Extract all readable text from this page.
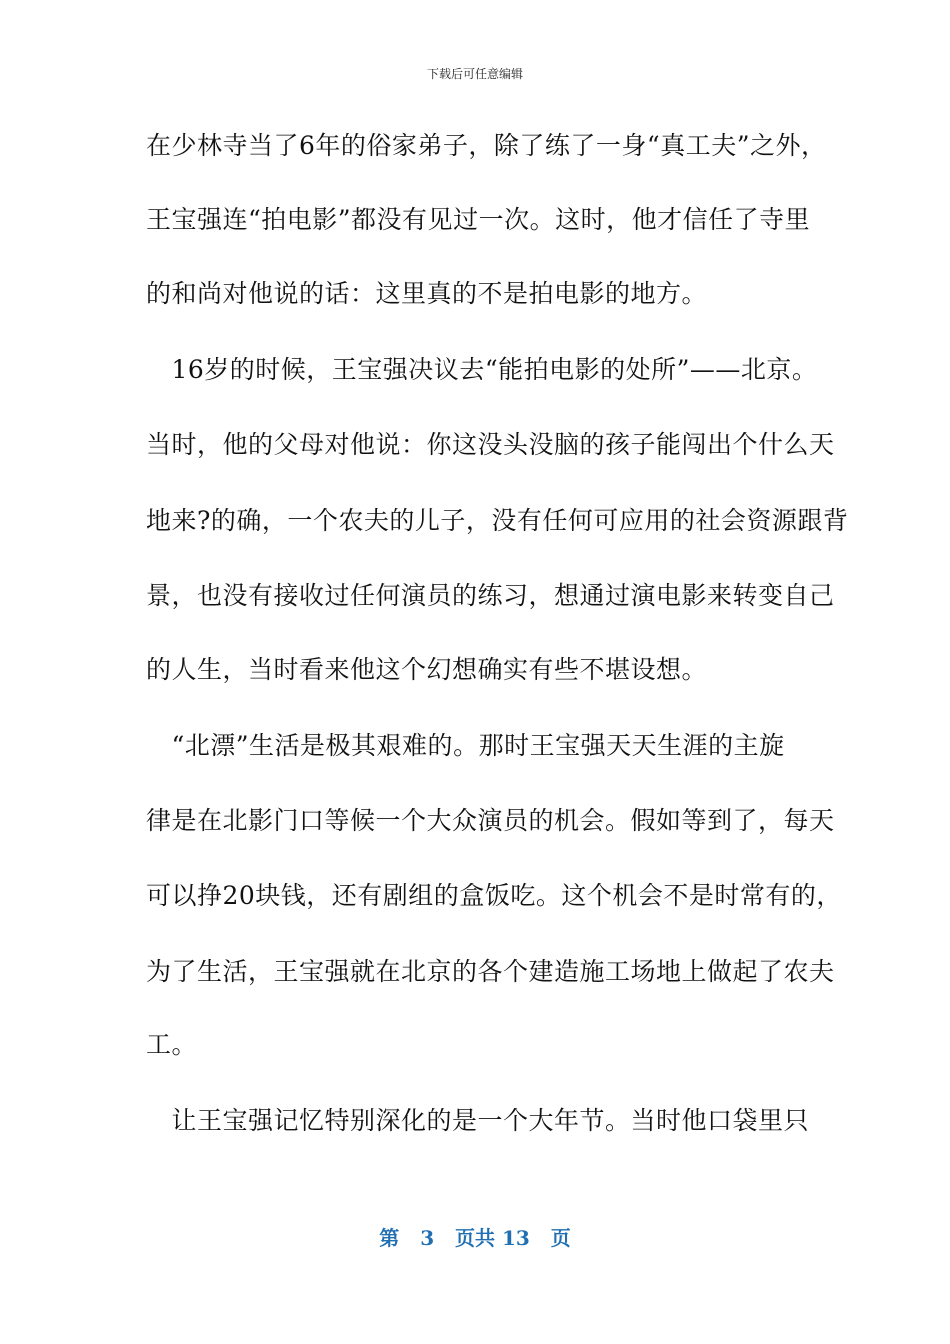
下载后可任意编辑
在少林寺当了6年的俗家弟子，除了练了一身“真工夫”之外，
王宝强连“拍电影”都没有见过一次。这时，他才信任了寺里
的和尚对他说的话：这里真的不是拍电影的地方。
　16岁的时候，王宝强决议去“能拍电影的处所”——北京。
当时，他的父母对他说：你这没头没脑的孩子能闯出个什么天
地来?的确，一个农夫的儿子，没有任何可应用的社会资源跟背
景，也没有接收过任何演员的练习，想通过演电影来转变自己
的人生，当时看来他这个幻想确实有些不堪设想。
　“北漂”生活是极其艰难的。那时王宝强天天生涯的主旋
律是在北影门口等候一个大众演员的机会。假如等到了，每天
可以挣20块钱，还有剧组的盒饭吃。这个机会不是时常有的，
为了生活，王宝强就在北京的各个建造施工场地上做起了农夫
工。
　让王宝强记忆特别深化的是一个大年节。当时他口袋里只
第 3 页共 13 页
